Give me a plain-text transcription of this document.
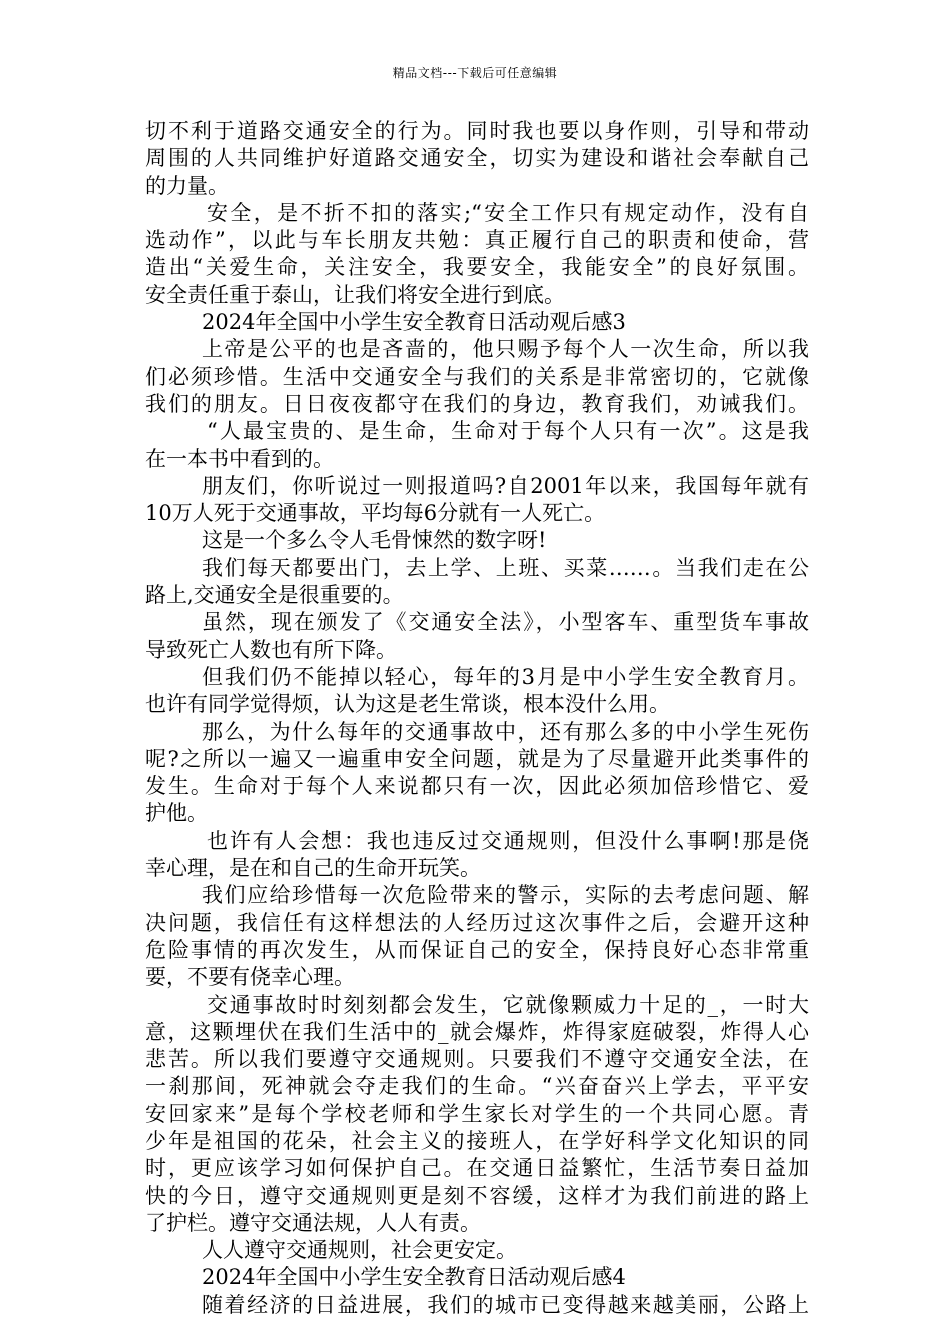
精品文档---下载后可任意编辑
切不利于道路交通安全的行为。同时我也要以身作则，引导和带动
周围的人共同维护好道路交通安全，切实为建设和谐社会奉献自己
的力量。
安全，是不折不扣的落实;“安全工作只有规定动作，没有自
选动作”，以此与车长朋友共勉：真正履行自己的职责和使命，营
造出“关爱生命，关注安全，我要安全，我能安全”的良好氛围。
安全责任重于泰山，让我们将安全进行到底。
2024年全国中小学生安全教育日活动观后感3
上帝是公平的也是吝啬的，他只赐予每个人一次生命，所以我
们必须珍惜。生活中交通安全与我们的关系是非常密切的，它就像
我们的朋友。日日夜夜都守在我们的身边，教育我们，劝诫我们。
“人最宝贵的、是生命，生命对于每个人只有一次”。这是我
在一本书中看到的。
朋友们，你听说过一则报道吗?自2001年以来，我国每年就有
10万人死于交通事故，平均每6分就有一人死亡。
这是一个多么令人毛骨悚然的数字呀!
我们每天都要出门，去上学、上班、买菜……。当我们走在公
路上,交通安全是很重要的。
虽然，现在颁发了《交通安全法》，小型客车、重型货车事故
导致死亡人数也有所下降。
但我们仍不能掉以轻心，每年的3月是中小学生安全教育月。
也许有同学觉得烦，认为这是老生常谈，根本没什么用。
那么，为什么每年的交通事故中，还有那么多的中小学生死伤
呢?之所以一遍又一遍重申安全问题，就是为了尽量避开此类事件的
发生。生命对于每个人来说都只有一次，因此必须加倍珍惜它、爱
护他。
也许有人会想：我也违反过交通规则，但没什么事啊!那是侥
幸心理，是在和自己的生命开玩笑。
我们应给珍惜每一次危险带来的警示，实际的去考虑问题、解
决问题，我信任有这样想法的人经历过这次事件之后，会避开这种
危险事情的再次发生，从而保证自己的安全，保持良好心态非常重
要，不要有侥幸心理。
交通事故时时刻刻都会发生，它就像颗威力十足的_，一时大
意，这颗埋伏在我们生活中的_就会爆炸，炸得家庭破裂，炸得人心
悲苦。所以我们要遵守交通规则。只要我们不遵守交通安全法，在
一刹那间，死神就会夺走我们的生命。“兴奋奋兴上学去，平平安
安回家来”是每个学校老师和学生家长对学生的一个共同心愿。青
少年是祖国的花朵，社会主义的接班人，在学好科学文化知识的同
时，更应该学习如何保护自己。在交通日益繁忙，生活节奏日益加
快的今日，遵守交通规则更是刻不容缓，这样才为我们前进的路上
了护栏。遵守交通法规，人人有责。
人人遵守交通规则，社会更安定。
2024年全国中小学生安全教育日活动观后感4
随着经济的日益进展，我们的城市已变得越来越美丽，公路上
